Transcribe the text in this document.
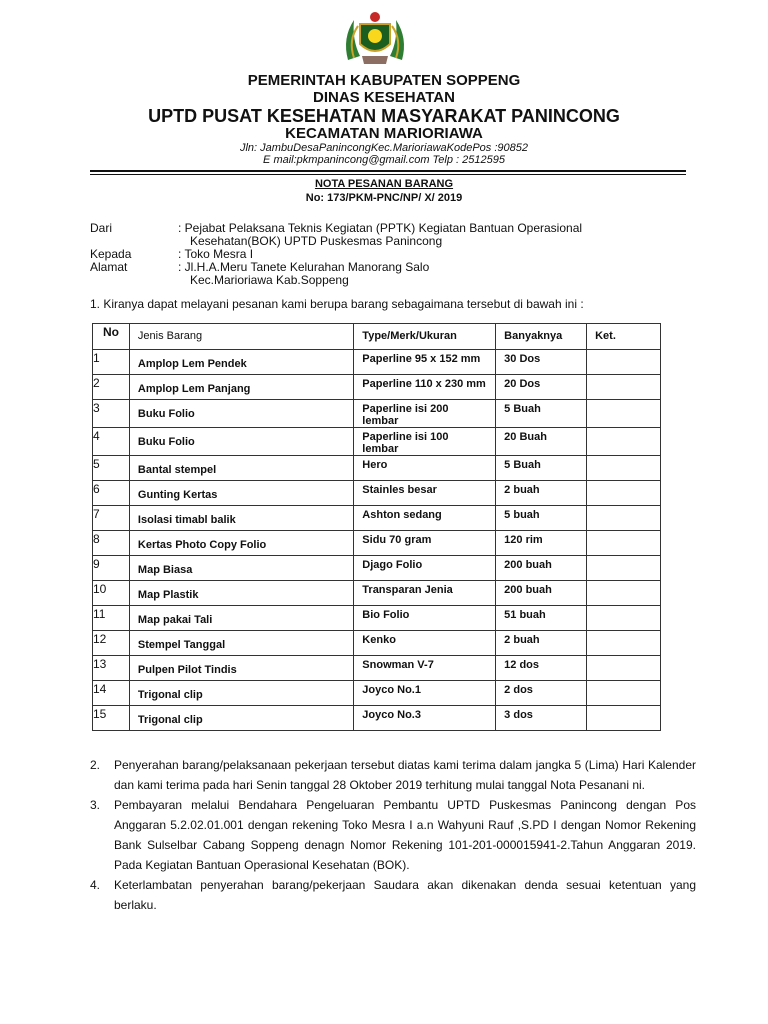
PEMERINTAH KABUPATEN SOPPENG
DINAS KESEHATAN
UPTD PUSAT KESEHATAN MASYARAKAT PANINCONG
KECAMATAN MARIORIAWA
Jln: JambuDesaPanincongKec.MarioriawaKodePos :90852
E mail:pkmpanincong@gmail.com Telp : 2512595
NOTA PESANAN BARANG
No: 173/PKM-PNC/NP/ X/ 2019
Dari	: Pejabat Pelaksana Teknis Kegiatan (PPTK) Kegiatan Bantuan Operasional
Kesehatan(BOK) UPTD Puskesmas Panincong
Kepada	: Toko Mesra I
Alamat	: Jl.H.A.Meru Tanete Kelurahan Manorang Salo
Kec.Marioriawa Kab.Soppeng
1. Kiranya dapat melayani pesanan kami berupa barang sebagaimana tersebut di bawah ini :
No	Jenis Barang	Type/Merk/Ukuran	Banyaknya	Ket.

1	Amplop Lem Pendek	Paperline 95 x 152 mm	30 Dos	

2	Amplop Lem Panjang	Paperline 110 x 230 mm	20 Dos	

3	Buku Folio	Paperline isi 200 lembar	5 Buah	

4	Buku Folio	Paperline isi 100 lembar	20 Buah	

5	Bantal stempel	Hero	5 Buah	

6	Gunting Kertas	Stainles besar	2 buah	

7	Isolasi timabl balik	Ashton sedang	5 buah	

8	Kertas Photo Copy Folio	Sidu 70 gram	120 rim	

9	Map Biasa	Djago Folio	200 buah	

10	Map Plastik	Transparan Jenia	200 buah	

11	Map pakai Tali	Bio Folio	51 buah	

12	Stempel Tanggal	Kenko	2 buah	

13	Pulpen Pilot Tindis	Snowman V-7	12 dos	

14	Trigonal clip	Joyco No.1	2 dos	

15	Trigonal clip	Joyco No.3	3 dos	

2. Penyerahan barang/pelaksanaan pekerjaan tersebut diatas kami terima dalam jangka 5 (Lima) Hari Kalender dan kami terima pada hari Senin tanggal 28 Oktober 2019 terhitung mulai tanggal Nota Pesanani ni.
3. Pembayaran melalui Bendahara Pengeluaran Pembantu UPTD Puskesmas Panincong dengan Pos Anggaran 5.2.02.01.001 dengan rekening Toko Mesra I a.n Wahyuni Rauf ,S.PD I dengan Nomor Rekening Bank Sulselbar Cabang Soppeng denagn Nomor Rekening 101-201-000015941-2.Tahun Anggaran 2019. Pada Kegiatan Bantuan Operasional Kesehatan (BOK).
4. Keterlambatan penyerahan barang/pekerjaan Saudara akan dikenakan denda sesuai ketentuan yang berlaku.
